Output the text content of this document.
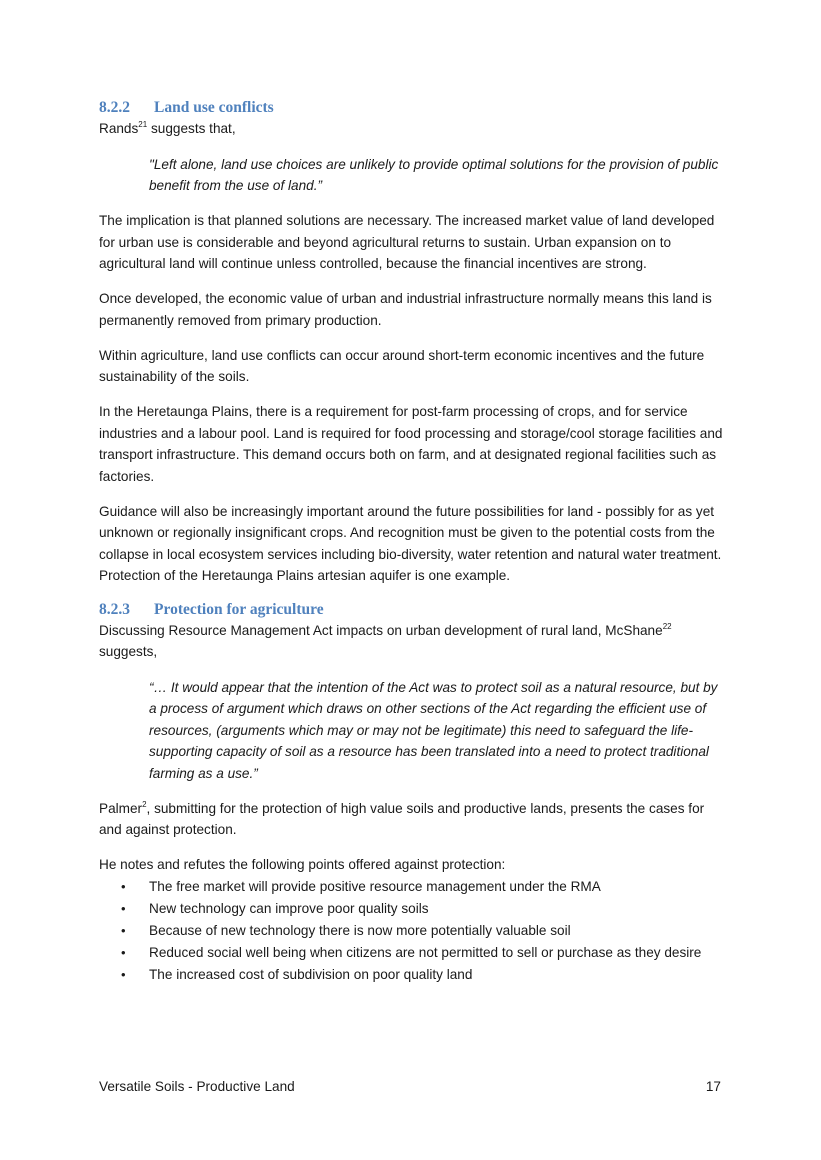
8.2.2 Land use conflicts

Rands$^{21}$ suggests that,

"Left alone, land use choices are unlikely to provide optimal solutions for the provision of public benefit from the use of land.”

The implication is that planned solutions are necessary. The increased market value of land developed for urban use is considerable and beyond agricultural returns to sustain. Urban expansion on to agricultural land will continue unless controlled, because the financial incentives are strong.

Once developed, the economic value of urban and industrial infrastructure normally means this land is permanently removed from primary production.

Within agriculture, land use conflicts can occur around short-term economic incentives and the future sustainability of the soils.

In the Heretaunga Plains, there is a requirement for post-farm processing of crops, and for service industries and a labour pool. Land is required for food processing and storage/cool storage facilities and transport infrastructure. This demand occurs both on farm, and at designated regional facilities such as factories.

Guidance will also be increasingly important around the future possibilities for land - possibly for as yet unknown or regionally insignificant crops. And recognition must be given to the potential costs from the collapse in local ecosystem services including bio-diversity, water retention and natural water treatment. Protection of the Heretaunga Plains artesian aquifer is one example.

8.2.3 Protection for agriculture

Discussing Resource Management Act impacts on urban development of rural land, McShane$^{22}$
suggests,

“… It would appear that the intention of the Act was to protect soil as a natural resource, but by a process of argument which draws on other sections of the Act regarding the efficient use of resources, (arguments which may or may not be legitimate) this need to safeguard the life-supporting capacity of soil as a resource has been translated into a need to protect traditional farming as a use.”

Palmer$^2$, submitting for the protection of high value soils and productive lands, presents the cases for and against protection.

He notes and refutes the following points offered against protection:

• The free market will provide positive resource management under the RMA
• New technology can improve poor quality soils
• Because of new technology there is now more potentially valuable soil
• Reduced social well being when citizens are not permitted to sell or purchase as they desire
• The increased cost of subdivision on poor quality land
Versatile Soils - Productive Land	17
